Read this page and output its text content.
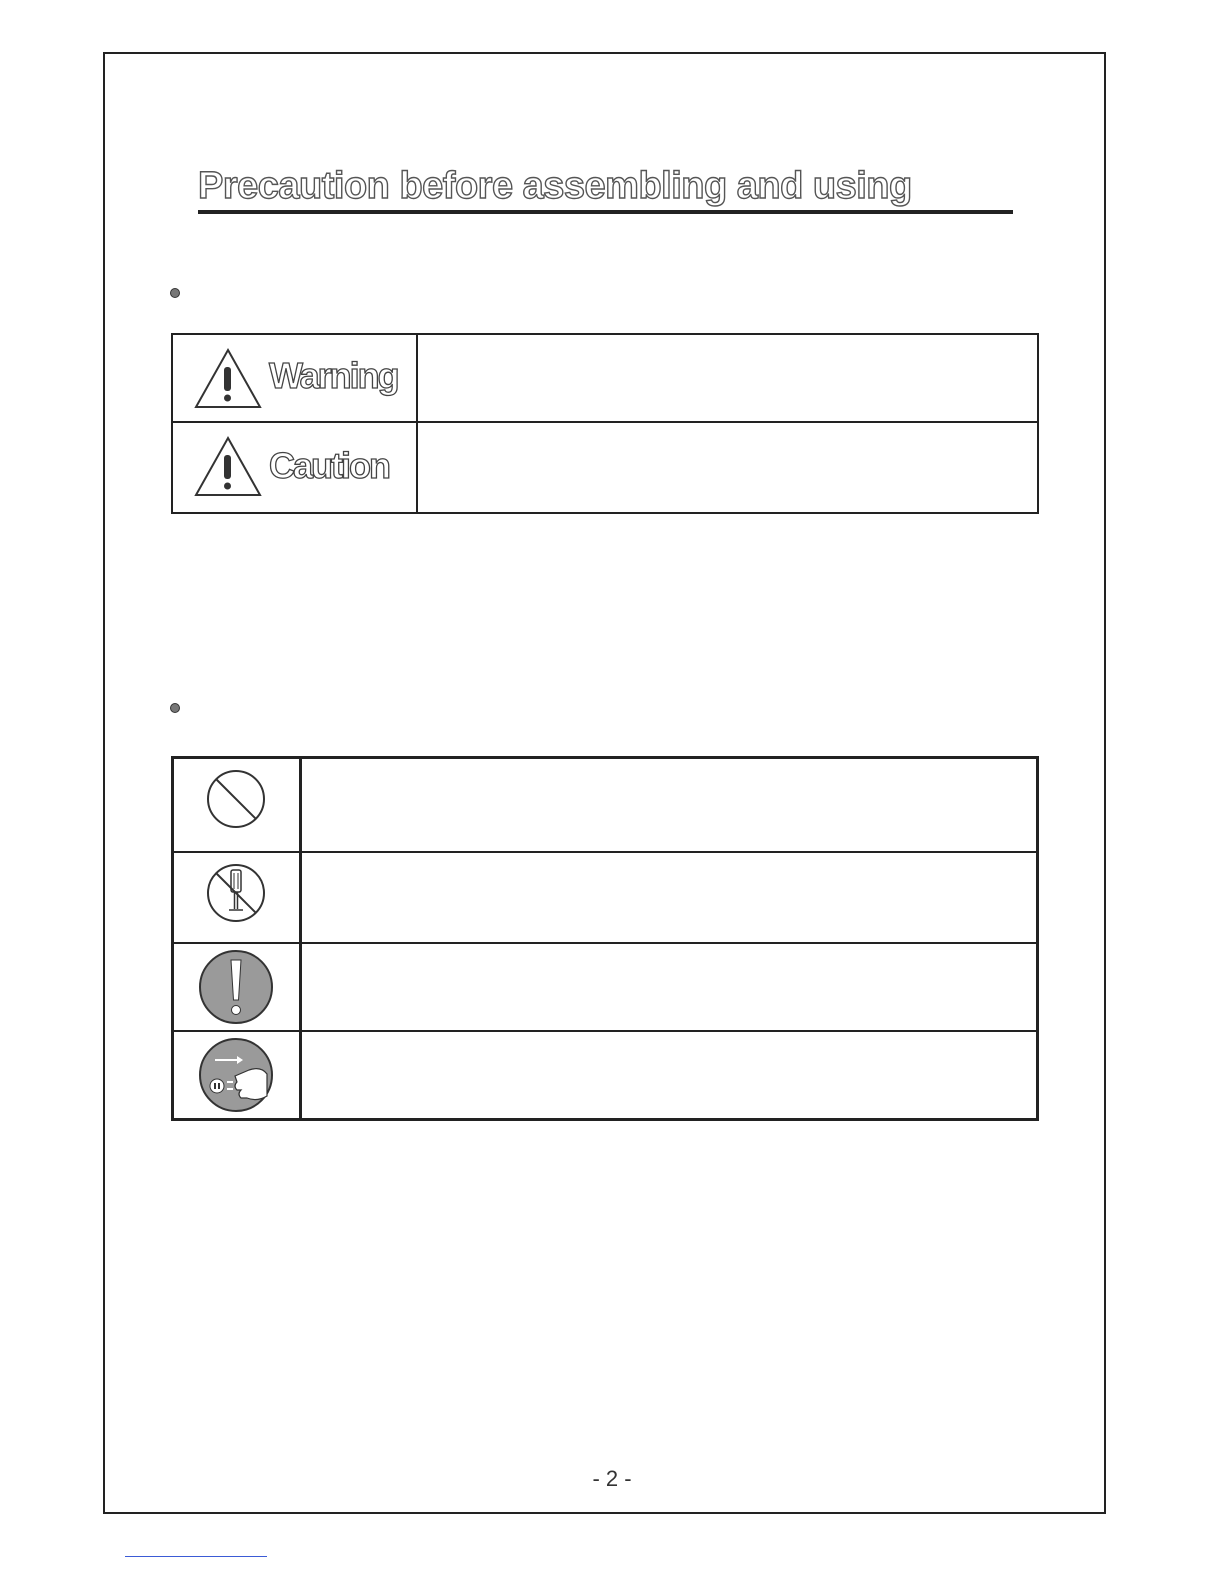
Precaution before assembling and using
Warning
Caution
- 2 -
